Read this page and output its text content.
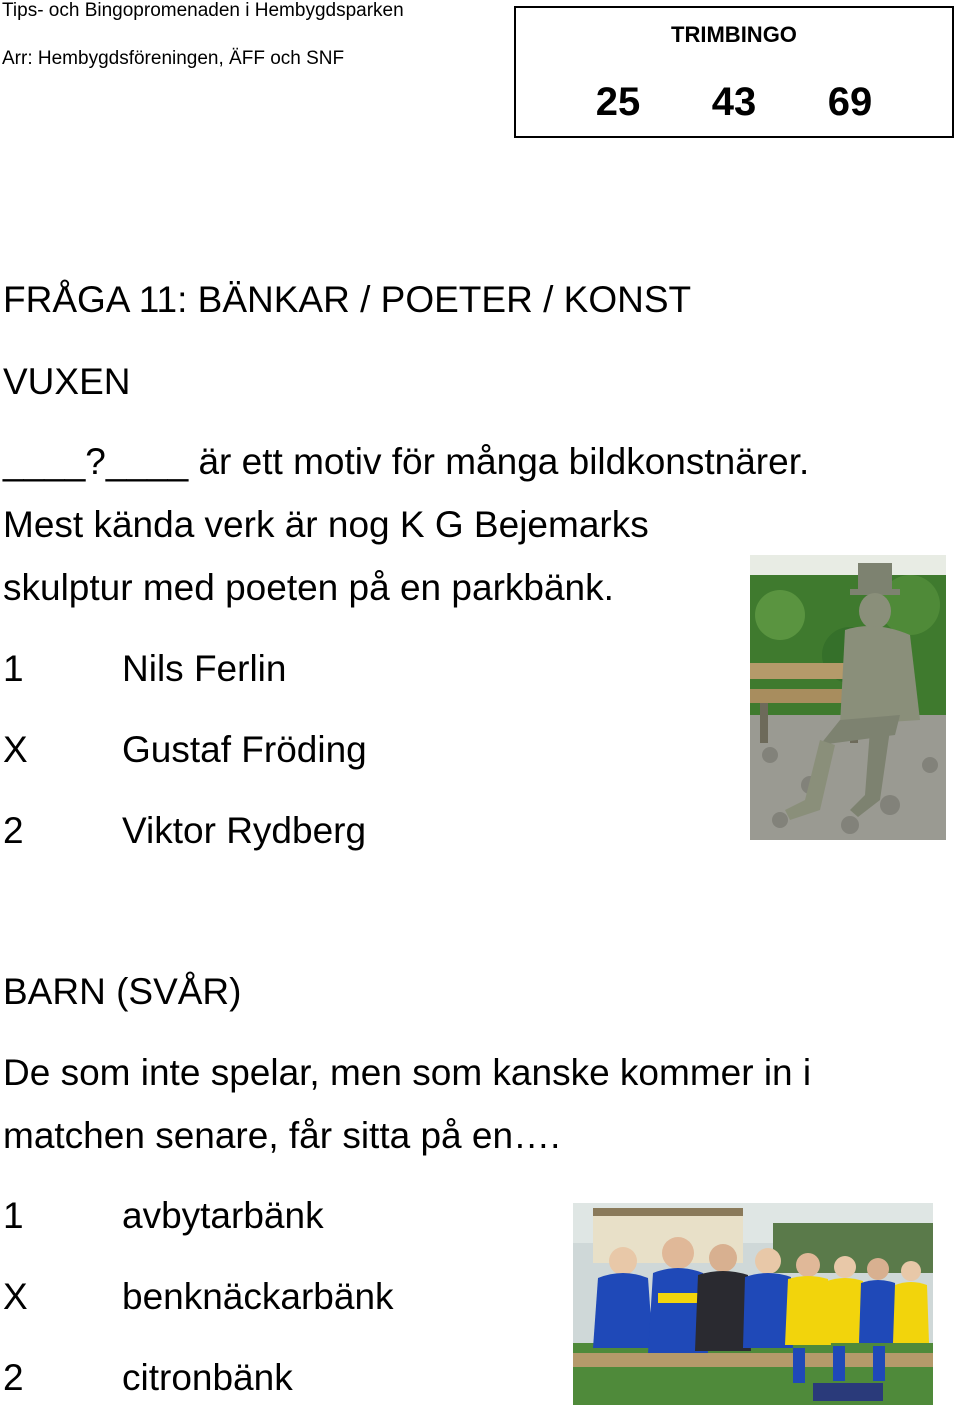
Tips- och Bingopromenaden i Hembygdsparken
Arr: Hembygdsföreningen, ÄFF och SNF
TRIMBINGO
25 43 69
FRÅGA 11: BÄNKAR / POETER / KONST
VUXEN
____?____ är ett motiv för många bildkonstnärer.
Mest kända verk är nog K G Bejemarks
skulptur med poeten på en parkbänk.
1	Nils Ferlin
X	Gustaf Fröding
2	Viktor Rydberg
BARN (SVÅR)
De som inte spelar, men som kanske kommer in i
matchen senare, får sitta på en….
1	avbytarbänk
X	benknäckarbänk
2	citronbänk
